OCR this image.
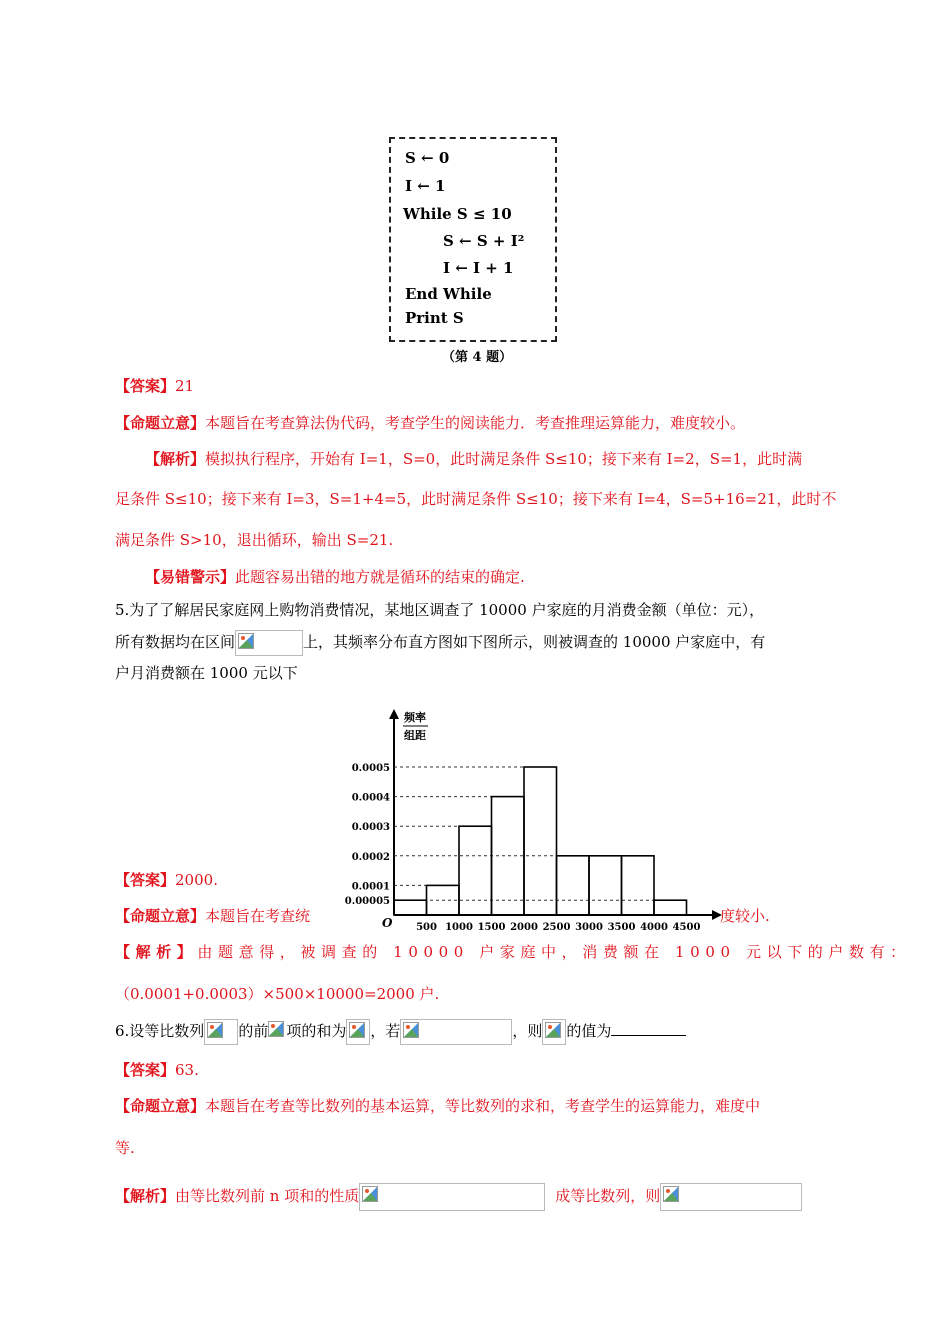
S ← 0
I ← 1
While S ≤ 10
S ← S + I²
I ← I + 1
End While
Print S
（第 4 题）
【答案】21
【命题立意】本题旨在考查算法伪代码，考查学生的阅读能力．考查推理运算能力，难度较小。
【解析】模拟执行程序，开始有 I=1，S=0，此时满足条件 S≤10；接下来有 I=2，S=1，此时满
足条件 S≤10；接下来有 I=3，S=1+4=5，此时满足条件 S≤10；接下来有 I=4，S=5+16=21，此时不
满足条件 S>10，退出循环，输出 S=21.
【易错警示】此题容易出错的地方就是循环的结束的确定.
5.为了了解居民家庭网上购物消费情况，某地区调查了 10000 户家庭的月消费金额（单位：元），
所有数据均在区间	上，其频率分布直方图如下图所示，则被调查的 10000 户家庭中，有
户月消费额在 1000 元以下
0.00005
0.0001
0.0002
0.0003
0.0004
0.0005
500 1000 1500 2000 2500 3000 3500 4000 4500
O
频率
组距
【答案】2000.
【命题立意】本题旨在考查统	度较小.
【解析】由题意得，被调查的 10000 户家庭中，消费额在 1000 元以下的户数有：
（0.0001+0.0003）×500×10000=2000 户.
6.设等比数列 的前 项的和为 ，若	，则 的值为
【答案】63.
【命题立意】本题旨在考查等比数列的基本运算，等比数列的求和，考查学生的运算能力，难度中
等.
【解析】由等比数列前 n 项和的性质	成等比数列，则
